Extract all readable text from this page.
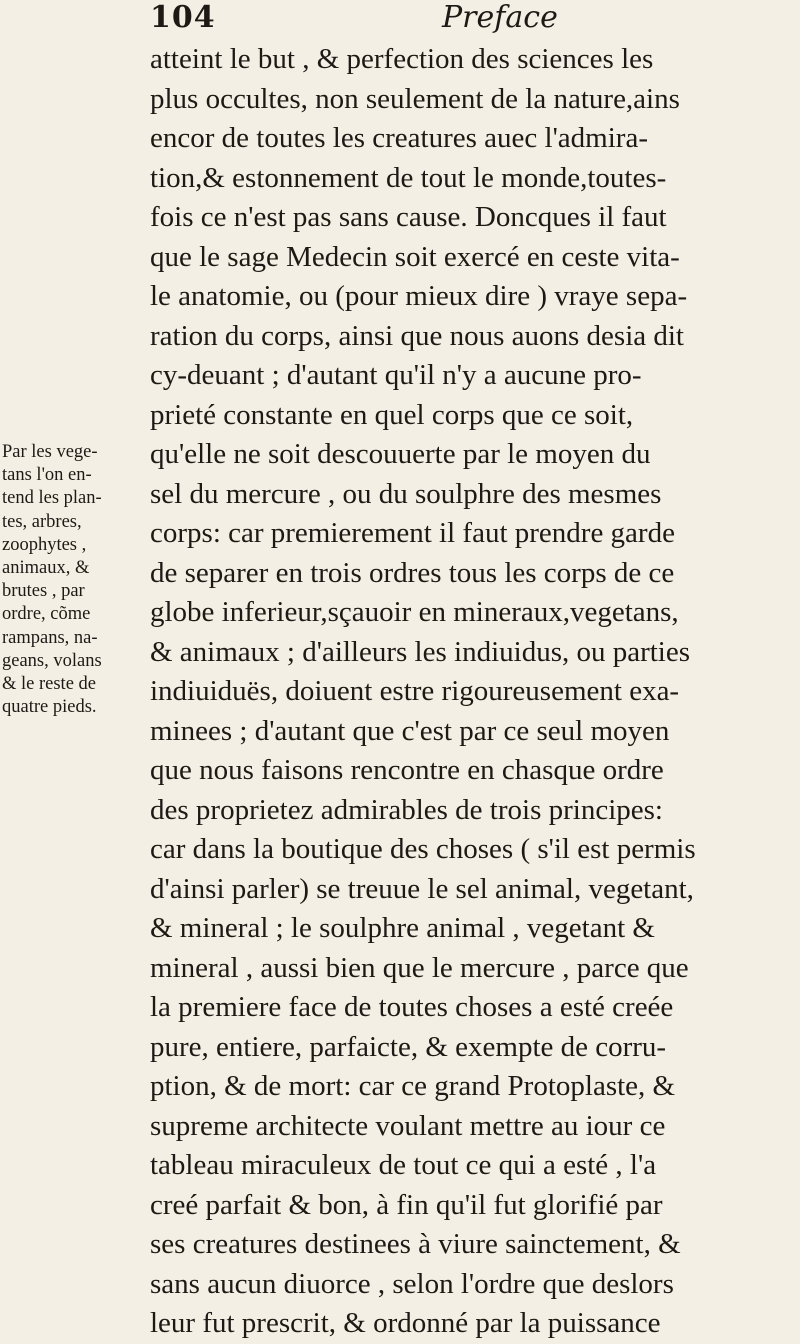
104	Preface
atteint le but , & perfection des sciences les
plus occultes, non seulement de la nature,ains
encor de toutes les creatures auec l'admira-
tion,& estonnement de tout le monde,toutes-
fois ce n'est pas sans cause. Doncques il faut
que le sage Medecin soit exercé en ceste vita-
le anatomie, ou (pour mieux dire ) vraye sepa-
ration du corps, ainsi que nous auons desia dit
cy-deuant ; d'autant qu'il n'y a aucune pro-
prieté constante en quel corps que ce soit,
qu'elle ne soit descouuerte par le moyen du
sel du mercure , ou du soulphre des mesmes
corps: car premierement il faut prendre garde
de separer en trois ordres tous les corps de ce
globe inferieur,sçauoir en mineraux,vegetans,
& animaux ; d'ailleurs les indiuidus, ou parties
indiuiduës, doiuent estre rigoureusement exa-
minees ; d'autant que c'est par ce seul moyen
que nous faisons rencontre en chasque ordre
des proprietez admirables de trois principes:
car dans la boutique des choses ( s'il est permis
d'ainsi parler) se treuue le sel animal, vegetant,
& mineral ; le soulphre animal , vegetant &
mineral , aussi bien que le mercure , parce que
la premiere face de toutes choses a esté creée
pure, entiere, parfaicte, & exempte de corru-
ption, & de mort: car ce grand Protoplaste, &
supreme architecte voulant mettre au iour ce
tableau miraculeux de tout ce qui a esté , l'a
creé parfait & bon, à fin qu'il fut glorifié par
ses creatures destinees à viure sainctement, &
sans aucun diuorce , selon l'ordre que deslors
leur fut prescrit, & ordonné par la puissance
Par les vege-
tans l'on en-
tend les plan-
tes, arbres,
zoophytes ,
animaux, &
brutes , par
ordre, cõme
rampans, na-
geans, volans
& le reste de
quatre pieds.
